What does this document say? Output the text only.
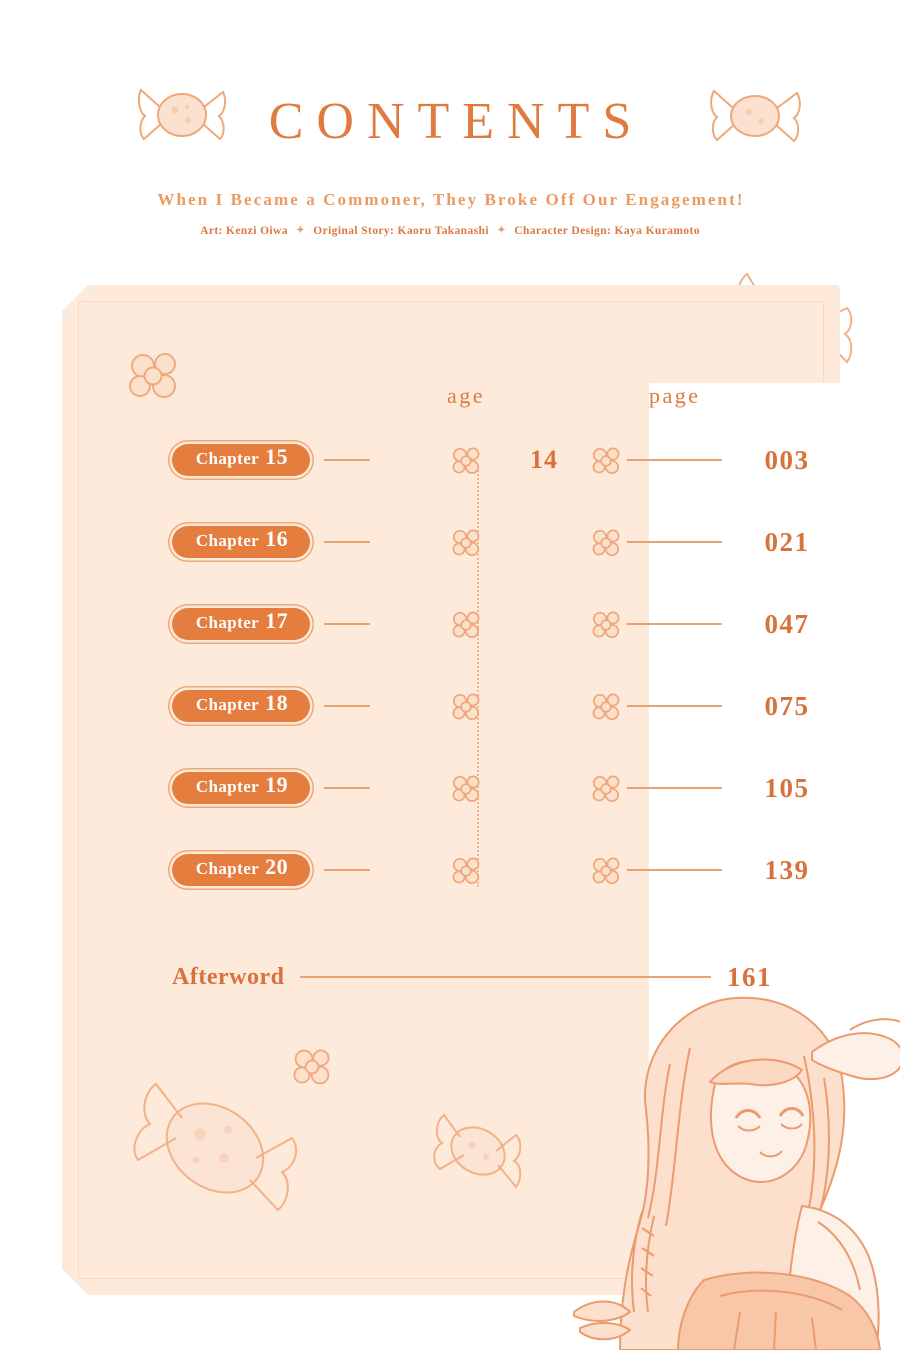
CONTENTS
When I Became a Commoner, They Broke Off Our Engagement!
Art: Kenzi Oiwa ✦ Original Story: Kaoru Takanashi ✦ Character Design: Kaya Kuramoto
age	page
Chapter 15	14	003
Chapter 16	021
Chapter 17	047
Chapter 18	075
Chapter 19	105
Chapter 20	139
Afterword	161
